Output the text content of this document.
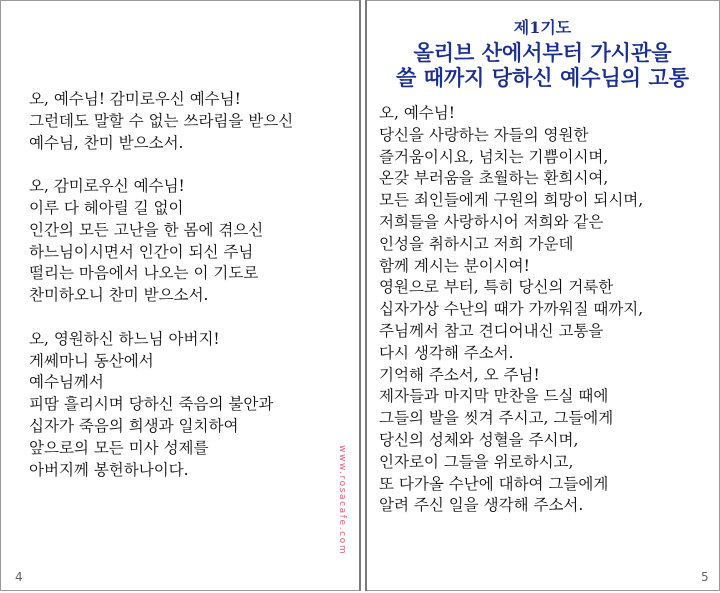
오, 예수님! 감미로우신 예수님!
그런데도 말할 수 없는 쓰라림을 받으신
예수님, 찬미 받으소서.
오, 감미로우신 예수님!
이루 다 헤아릴 길 없이
인간의 모든 고난을 한 몸에 겪으신
하느님이시면서 인간이 되신 주님
떨리는 마음에서 나오는 이 기도로
찬미하오니 찬미 받으소서.
오, 영원하신 하느님 아버지!
게쎄마니 동산에서
예수님께서
피땀 흘리시며 당하신 죽음의 불안과
십자가 죽음의 희생과 일치하여
앞으로의 모든 미사 성제를
아버지께 봉헌하나이다.
제1기도
올리브 산에서부터 가시관을
쓸 때까지 당하신 예수님의 고통
오, 예수님!
당신을 사랑하는 자들의 영원한
즐거움이시요, 넘치는 기쁨이시며,
온갖 부러움을 초월하는 환희시여,
모든 죄인들에게 구원의 희망이 되시며,
저희들을 사랑하시어 저희와 같은
인성을 취하시고 저희 가운데
함께 계시는 분이시여!
영원으로 부터, 특히 당신의 거룩한
십자가상 수난의 때가 가까워질 때까지,
주님께서 참고 견디어내신 고통을
다시 생각해 주소서.
기억해 주소서, 오 주님!
제자들과 마지막 만찬을 드실 때에
그들의 발을 씻겨 주시고, 그들에게
당신의 성체와 성혈을 주시며,
인자로이 그들을 위로하시고,
또 다가올 수난에 대하여 그들에게
알려 주신 일을 생각해 주소서.
www.rosacafe.com
4	5
